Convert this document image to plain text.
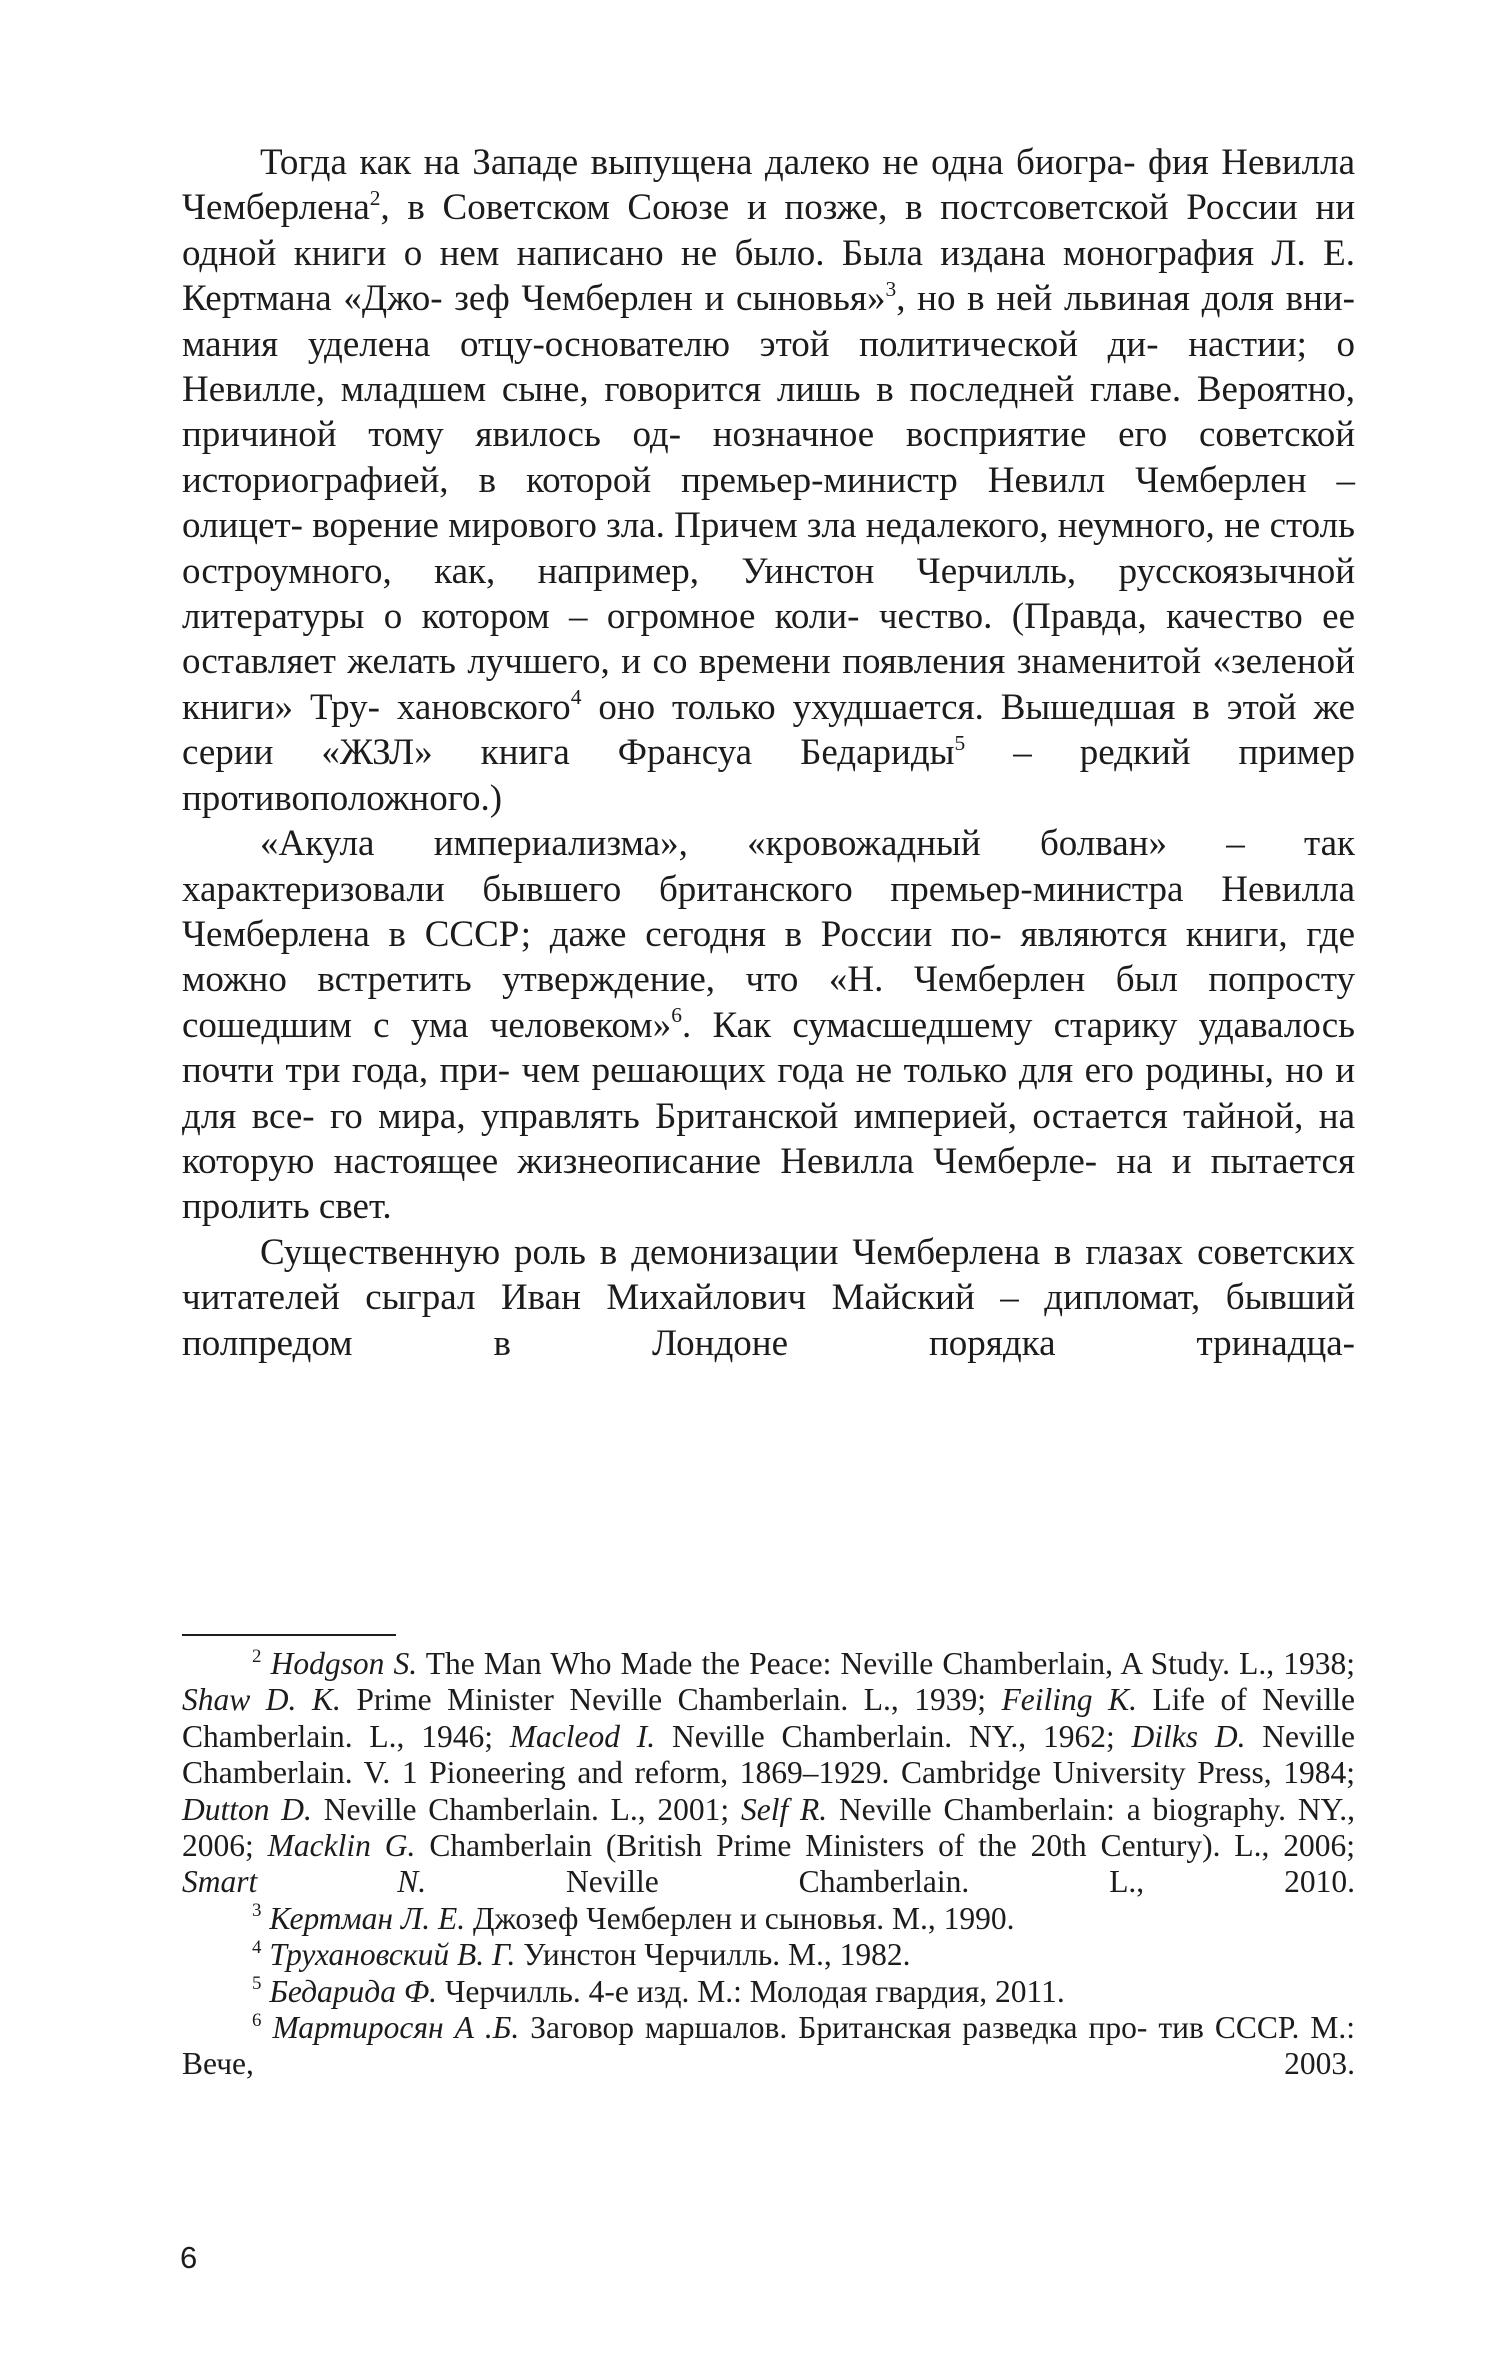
Тогда как на Западе выпущена далеко не одна биогра- фия Невилла Чемберлена$^2$, в Советском Союзе и позже, в постсоветской России ни одной книги о нем написано не было. Была издана монография Л. Е. Кертмана «Джо- зеф Чемберлен и сыновья»$^3$, но в ней львиная доля вни- мания уделена отцу-основателю этой политической ди- настии; о Невилле, младшем сыне, говорится лишь в последней главе. Вероятно, причиной тому явилось од- нозначное восприятие его советской историографией, в которой премьер-министр Невилл Чемберлен – олицет- ворение мирового зла. Причем зла недалекого, неумного, не столь остроумного, как, например, Уинстон Черчилль, русскоязычной литературы о котором – огромное коли- чество. (Правда, качество ее оставляет желать лучшего, и со времени появления знаменитой «зеленой книги» Тру- хановского$^4$ оно только ухудшается. Вышедшая в этой же серии «ЖЗЛ» книга Франсуа Бедариды$^5$ – редкий пример противоположного.)

«Акула империализма», «кровожадный болван» – так характеризовали бывшего британского премьер-министра Невилла Чемберлена в СССР; даже сегодня в России по- являются книги, где можно встретить утверждение, что «Н. Чемберлен был попросту сошедшим с ума человеком»$^6$. Как сумасшедшему старику удавалось почти три года, при- чем решающих года не только для его родины, но и для все- го мира, управлять Британской империей, остается тайной, на которую настоящее жизнеописание Невилла Чемберле- на и пытается пролить свет.

Существенную роль в демонизации Чемберлена в глазах советских читателей сыграл Иван Михайлович Майский – дипломат, бывший полпредом в Лондоне порядка тринадца-

$^2$ Hodgson S. The Man Who Made the Peace: Neville Chamberlain, A Study. L., 1938; Shaw D. K. Prime Minister Neville Chamberlain. L., 1939; Feiling K. Life of Neville Chamberlain. L., 1946; Macleod I. Neville Chamberlain. NY., 1962; Dilks D. Neville Chamberlain. V. 1 Pioneering and reform, 1869–1929. Cambridge University Press, 1984; Dutton D. Neville Chamberlain. L., 2001; Self R. Neville Chamberlain: a biography. NY., 2006; Macklin G. Chamberlain (British Prime Ministers of the 20th Century). L., 2006; Smart N. Neville Chamberlain. L., 2010.

$^3$ Кертман Л. Е. Джозеф Чемберлен и сыновья. М., 1990.

$^4$ Трухановский В. Г. Уинстон Черчилль. М., 1982.

$^5$ Бедарида Ф. Черчилль. 4-е изд. М.: Молодая гвардия, 2011.

$^6$ Мартиросян А .Б. Заговор маршалов. Британская разведка про- тив СССР. М.: Вече, 2003.

6
